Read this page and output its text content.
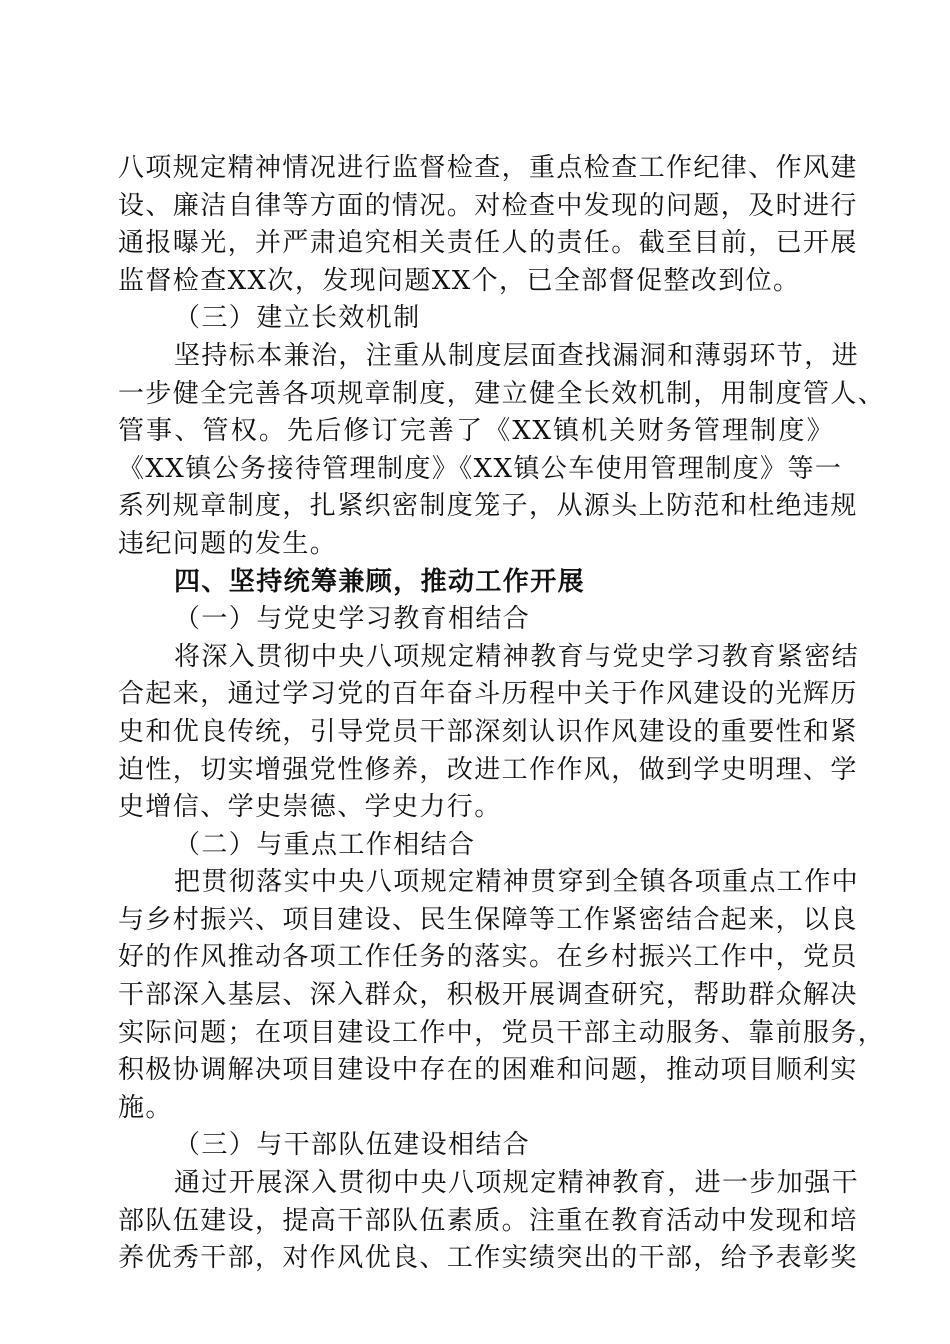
八项规定精神情况进行监督检查，重点检查工作纪律、作风建
设、廉洁自律等方面的情况。对检查中发现的问题，及时进行
通报曝光，并严肃追究相关责任人的责任。截至目前，已开展
监督检查XX次，发现问题XX个，已全部督促整改到位。
（三）建立长效机制
坚持标本兼治，注重从制度层面查找漏洞和薄弱环节，进
一步健全完善各项规章制度，建立健全长效机制，用制度管人、
管事、管权。先后修订完善了《XX镇机关财务管理制度》
《XX镇公务接待管理制度》《XX镇公车使用管理制度》等一
系列规章制度，扎紧织密制度笼子，从源头上防范和杜绝违规
违纪问题的发生。
四、坚持统筹兼顾，推动工作开展
（一）与党史学习教育相结合
将深入贯彻中央八项规定精神教育与党史学习教育紧密结
合起来，通过学习党的百年奋斗历程中关于作风建设的光辉历
史和优良传统，引导党员干部深刻认识作风建设的重要性和紧
迫性，切实增强党性修养，改进工作作风，做到学史明理、学
史增信、学史崇德、学史力行。
（二）与重点工作相结合
把贯彻落实中央八项规定精神贯穿到全镇各项重点工作中
与乡村振兴、项目建设、民生保障等工作紧密结合起来，以良
好的作风推动各项工作任务的落实。在乡村振兴工作中，党员
干部深入基层、深入群众，积极开展调查研究，帮助群众解决
实际问题；在项目建设工作中，党员干部主动服务、靠前服务，
积极协调解决项目建设中存在的困难和问题，推动项目顺利实
施。
（三）与干部队伍建设相结合
通过开展深入贯彻中央八项规定精神教育，进一步加强干
部队伍建设，提高干部队伍素质。注重在教育活动中发现和培
养优秀干部，对作风优良、工作实绩突出的干部，给予表彰奖
